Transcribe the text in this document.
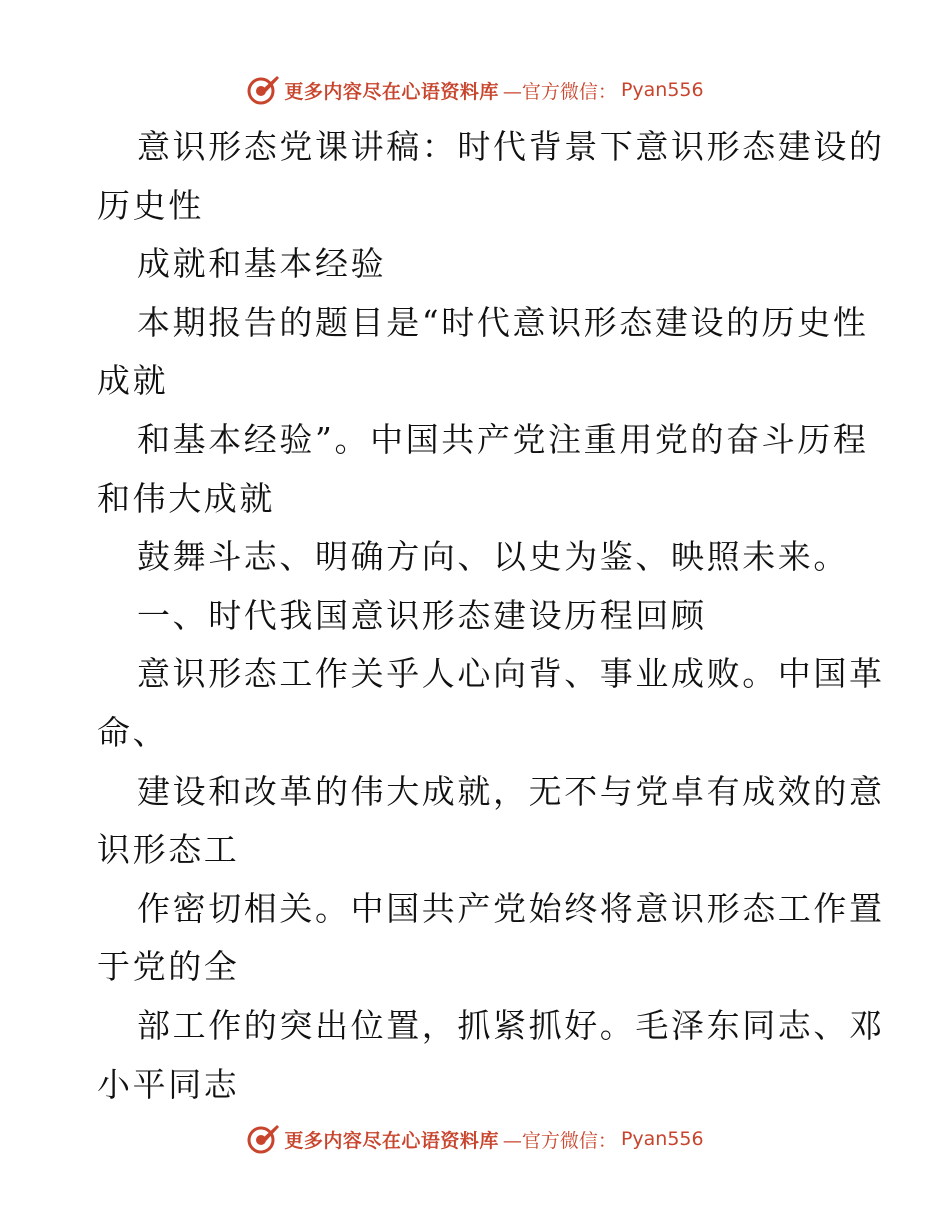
更多内容尽在心语资料库 —官方微信： Pyan556

意识形态党课讲稿：时代背景下意识形态建设的

历史性

成就和基本经验

本期报告的题目是“时代意识形态建设的历史性

成就

和基本经验”。中国共产党注重用党的奋斗历程

和伟大成就

鼓舞斗志、明确方向、以史为鉴、映照未来。

一、时代我国意识形态建设历程回顾

意识形态工作关乎人心向背、事业成败。中国革

命、

建设和改革的伟大成就，无不与党卓有成效的意

识形态工

作密切相关。中国共产党始终将意识形态工作置

于党的全

部工作的突出位置，抓紧抓好。毛泽东同志、邓

小平同志

更多内容尽在心语资料库 —官方微信： Pyan556
